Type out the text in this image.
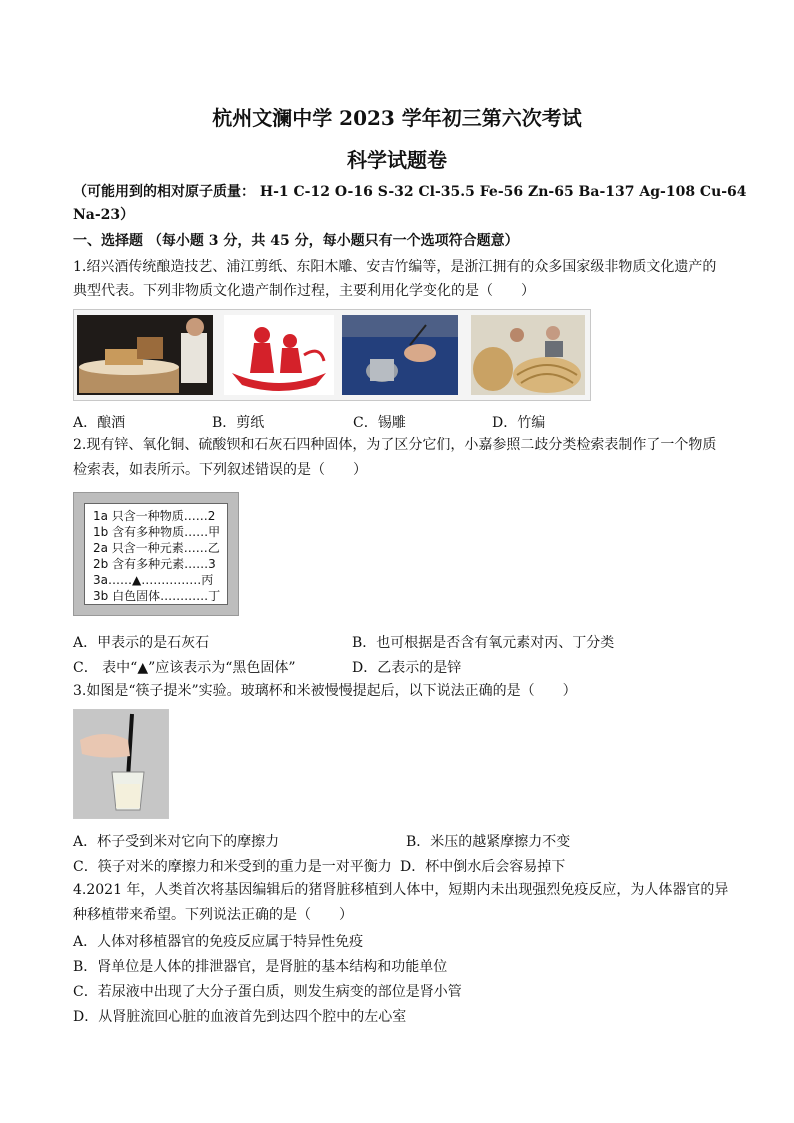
杭州文澜中学 2023 学年初三第六次考试
科学试题卷
（可能用到的相对原子质量： H-1 C-12 O-16 S-32 Cl-35.5 Fe-56 Zn-65 Ba-137 Ag-108 Cu-64
Na-23）
一、选择题 （每小题 3 分，共 45 分，每小题只有一个选项符合题意）
1.绍兴酒传统酿造技艺、浦江剪纸、东阳木雕、安吉竹编等，是浙江拥有的众多国家级非物质文化遗产的
典型代表。下列非物质文化遗产制作过程，主要利用化学变化的是（　　）
A．酿酒	B．剪纸	C．锡雕	D．竹编
2.现有锌、氧化铜、硫酸钡和石灰石四种固体，为了区分它们，小嘉参照二歧分类检索表制作了一个物质
检索表，如表所示。下列叙述错误的是（　　）
1a 只含一种物质……2
1b 含有多种物质……甲
2a 只含一种元素……乙
2b 含有多种元素……3
3a……▲……………丙
3b 白色固体…………丁
A．甲表示的是石灰石	B．也可根据是否含有氧元素对丙、丁分类
C． 表中“▲”应该表示为“黑色固体”	D．乙表示的是锌
3.如图是“筷子提米”实验。玻璃杯和米被慢慢提起后，以下说法正确的是（　　）
A．杯子受到米对它向下的摩擦力	B．米压的越紧摩擦力不变
C．筷子对米的摩擦力和米受到的重力是一对平衡力 D．杯中倒水后会容易掉下
4.2021 年，人类首次将基因编辑后的猪肾脏移植到人体中，短期内未出现强烈免疫反应，为人体器官的异
种移植带来希望。下列说法正确的是（　　）
A．人体对移植器官的免疫反应属于特异性免疫
B．肾单位是人体的排泄器官，是肾脏的基本结构和功能单位
C．若尿液中出现了大分子蛋白质，则发生病变的部位是肾小管
D．从肾脏流回心脏的血液首先到达四个腔中的左心室
